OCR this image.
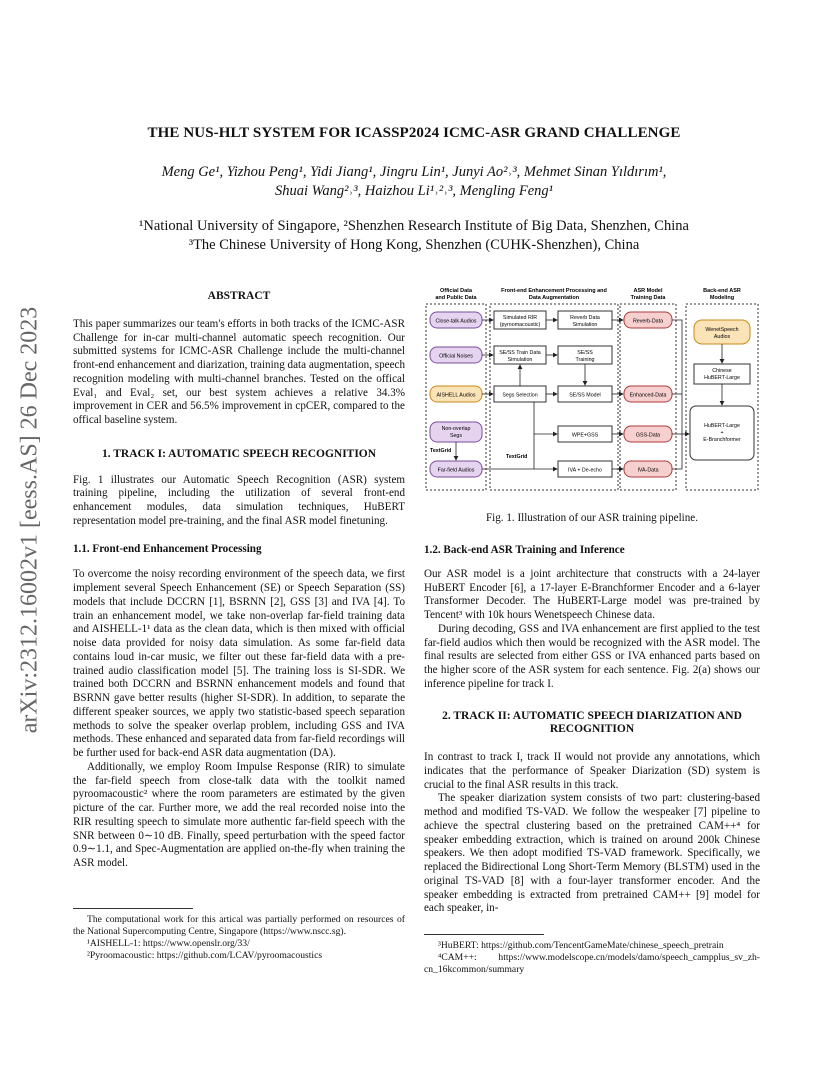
arXiv:2312.16002v1 [eess.AS] 26 Dec 2023
THE NUS-HLT SYSTEM FOR ICASSP2024 ICMC-ASR GRAND CHALLENGE
Meng Ge¹, Yizhou Peng¹, Yidi Jiang¹, Jingru Lin¹, Junyi Ao²˒³, Mehmet Sinan Yıldırım¹,
Shuai Wang²˒³, Haizhou Li¹˒²˒³, Mengling Feng¹
¹National University of Singapore, ²Shenzhen Research Institute of Big Data, Shenzhen, China
³The Chinese University of Hong Kong, Shenzhen (CUHK-Shenzhen), China
ABSTRACT

This paper summarizes our team's efforts in both tracks of the ICMC-ASR Challenge for in-car multi-channel automatic speech recognition. Our submitted systems for ICMC-ASR Challenge include the multi-channel front-end enhancement and diarization, training data augmentation, speech recognition modeling with multi-channel branches. Tested on the offical Eval₁ and Eval₂ set, our best system achieves a relative 34.3% improvement in CER and 56.5% improvement in cpCER, compared to the offical baseline system.

1. TRACK I: AUTOMATIC SPEECH RECOGNITION

Fig. 1 illustrates our Automatic Speech Recognition (ASR) system training pipeline, including the utilization of several front-end enhancement modules, data simulation techniques, HuBERT representation model pre-training, and the final ASR model finetuning.

1.1. Front-end Enhancement Processing

To overcome the noisy recording environment of the speech data, we first implement several Speech Enhancement (SE) or Speech Separation (SS) models that include DCCRN [1], BSRNN [2], GSS [3] and IVA [4]. To train an enhancement model, we take non-overlap far-field training data and AISHELL-1¹ data as the clean data, which is then mixed with official noise data provided for noisy data simulation. As some far-field data contains loud in-car music, we filter out these far-field data with a pre-trained audio classification model [5]. The training loss is SI-SDR. We trained both DCCRN and BSRNN enhancement models and found that BSRNN gave better results (higher SI-SDR). In addition, to separate the different speaker sources, we apply two statistic-based speech separation methods to solve the speaker overlap problem, including GSS and IVA methods. These enhanced and separated data from far-field recordings will be further used for back-end ASR data augmentation (DA).

Additionally, we employ Room Impulse Response (RIR) to simulate the far-field speech from close-talk data with the toolkit named pyroomacoustic² where the room parameters are estimated by the given picture of the car. Further more, we add the real recorded noise into the RIR resulting speech to simulate more authentic far-field speech with the SNR between 0∼10 dB. Finally, speed perturbation with the speed factor 0.9∼1.1, and Spec-Augmentation are applied on-the-fly when training the ASR model.

The computational work for this artical was partially performed on resources of the National Supercomputing Centre, Singapore (https://www.nscc.sg).

¹AISHELL-1: https://www.openslr.org/33/

²Pyroomacoustic: https://github.com/LCAV/pyroomacoustics

Official Data
and Public Data
Front-end Enhancement Processing and
Data Augmentation
ASR Model
Training Data
Back-end ASR
Modeling
Close-talk Audios
Official Noises
AISHELL Audios
Non-overlap
Segs
TextGrid
Far-field Audios
Simulated RIR
(pyroomacoustic)
Reverb Data
Simulation
SE/SS Train Data
Simulation
SE/SS
Training
Segs Selection	SE/SS Model
WPE+GSS
TextGrid
IVA + De-echo
Reverb-Data
Enhanced-Data
GSS-Data
IVA-Data
WenetSpeech
Audios
Chinese
HuBERT-Large
HuBERT-Large
+
E-Branchformer
Fig. 1. Illustration of our ASR training pipeline.
1.2. Back-end ASR Training and Inference

Our ASR model is a joint architecture that constructs with a 24-layer HuBERT Encoder [6], a 17-layer E-Branchformer Encoder and a 6-layer Transformer Decoder. The HuBERT-Large model was pre-trained by Tencent³ with 10k hours Wenetspeech Chinese data.

During decoding, GSS and IVA enhancement are first applied to the test far-field audios which then would be recognized with the ASR model. The final results are selected from either GSS or IVA enhanced parts based on the higher score of the ASR system for each sentence. Fig. 2(a) shows our inference pipeline for track I.

2. TRACK II: AUTOMATIC SPEECH DIARIZATION AND
RECOGNITION

In contrast to track I, track II would not provide any annotations, which indicates that the performance of Speaker Diarization (SD) system is crucial to the final ASR results in this track.

The speaker diarization system consists of two part: clustering-based method and modified TS-VAD. We follow the wespeaker [7] pipeline to achieve the spectral clustering based on the pretrained CAM++⁴ for speaker embedding extraction, which is trained on around 200k Chinese speakers. We then adopt modified TS-VAD framework. Specifically, we replaced the Bidirectional Long Short-Term Memory (BLSTM) used in the original TS-VAD [8] with a four-layer transformer encoder. And the speaker embedding is extracted from pretrained CAM++ [9] model for each speaker, in-

³HuBERT: https://github.com/TencentGameMate/chinese_speech_pretrain

⁴CAM++: https://www.modelscope.cn/models/damo/speech_campplus_sv_zh-cn_16kcommon/summary
